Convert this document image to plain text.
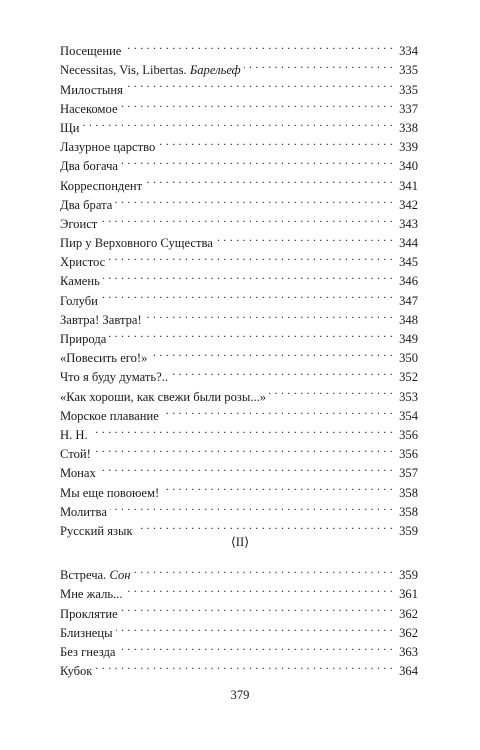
Посещение . . .	334
Necessitas, Vis, Libertas. Барельеф . . .	335
Милостыня . . .	335
Насекомое . . .	337
Щи . . .	338
Лазурное царство . . .	339
Два богача . . .	340
Корреспондент . . .	341
Два брата . . .	342
Эгоист . . .	343
Пир у Верховного Существа . . .	344
Христос . . .	345
Камень . . .	346
Голуби . . .	347
Завтра! Завтра! . . .	348
Природа . . .	349
«Повесить его!» . . .	350
Что я буду думать?.. . . .	352
«Как хороши, как свежи были розы...» . . .	353
Морское плавание . . .	354
Н. Н. . . .	356
Стой! . . .	356
Монах . . .	357
Мы еще повоюем! . . .	358
Молитва . . .	358
Русский язык . . .	359
⟨II⟩
Встреча. Сон . . .	359
Мне жаль... . . .	361
Проклятие . . .	362
Близнецы . . .	362
Без гнезда . . .	363
Кубок . . .	364
379
